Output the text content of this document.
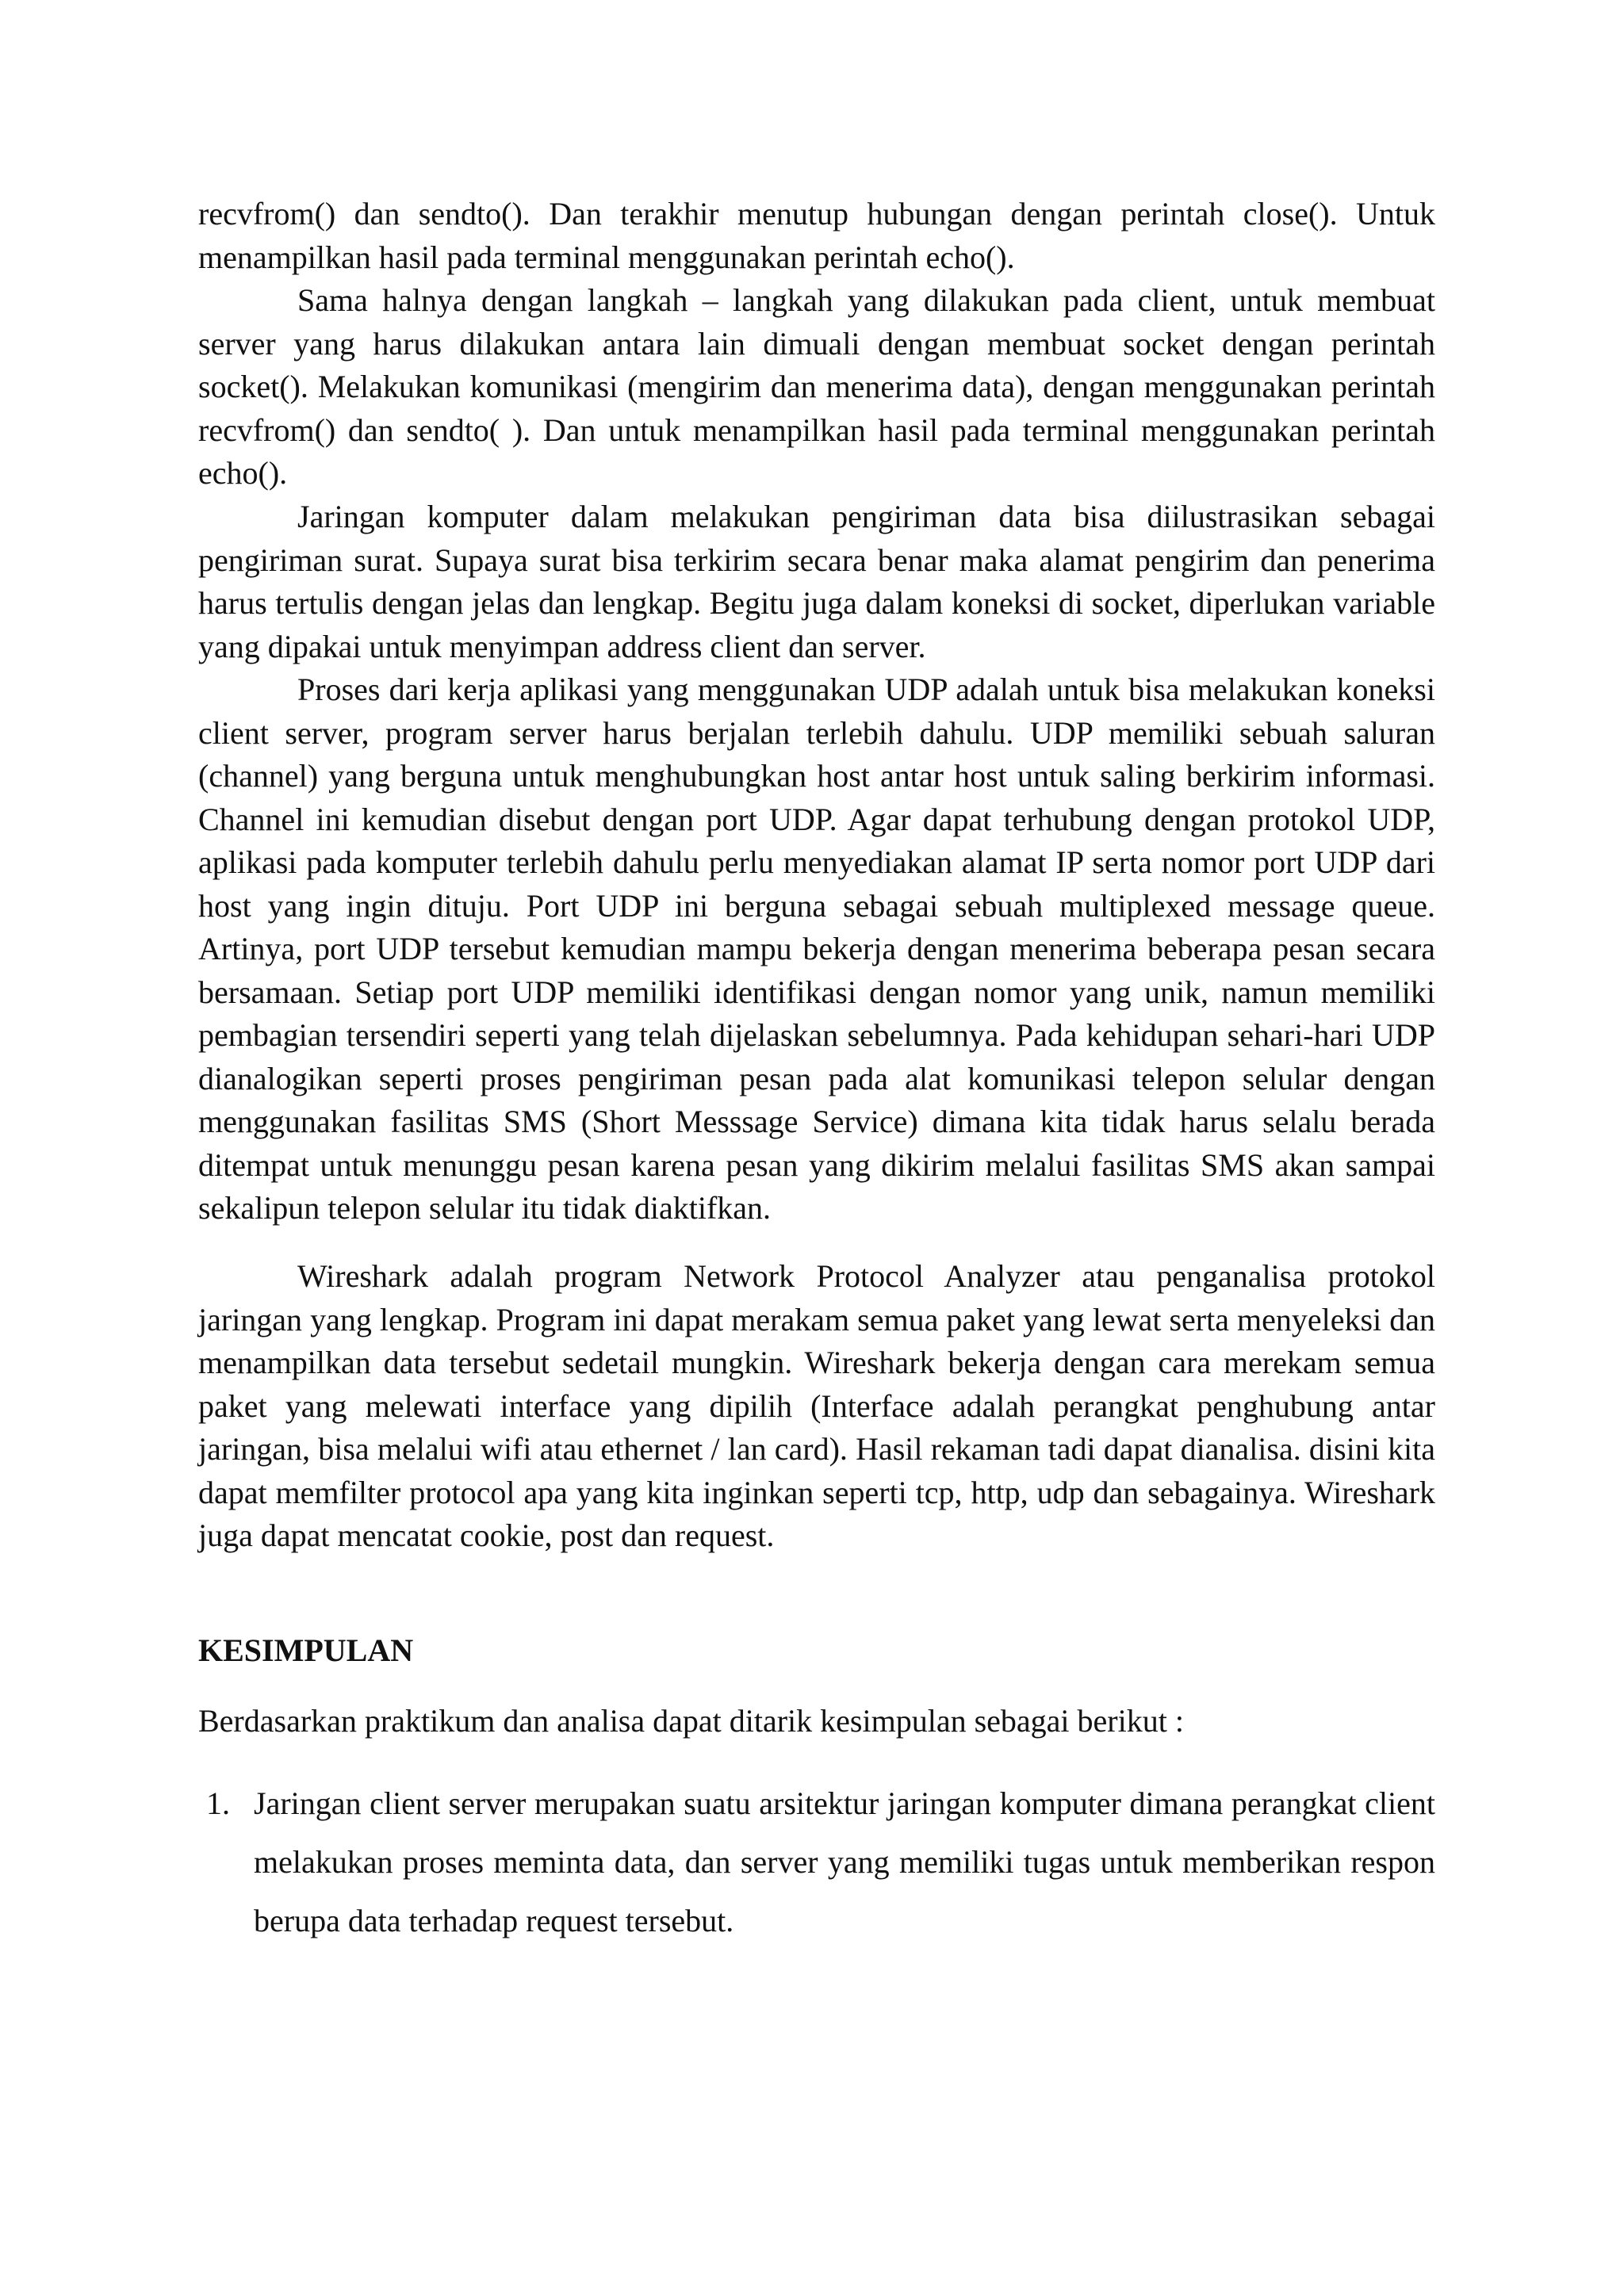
recvfrom() dan sendto(). Dan terakhir menutup hubungan dengan perintah close(). Untuk menampilkan hasil pada terminal menggunakan perintah echo().

Sama halnya dengan langkah – langkah yang dilakukan pada client, untuk membuat server yang harus dilakukan antara lain dimuali dengan membuat socket dengan perintah socket(). Melakukan komunikasi (mengirim dan menerima data), dengan menggunakan perintah recvfrom() dan sendto( ). Dan untuk menampilkan hasil pada terminal menggunakan perintah echo().

Jaringan komputer dalam melakukan pengiriman data bisa diilustrasikan sebagai pengiriman surat. Supaya surat bisa terkirim secara benar maka alamat pengirim dan penerima harus tertulis dengan jelas dan lengkap. Begitu juga dalam koneksi di socket, diperlukan variable yang dipakai untuk menyimpan address client dan server.

Proses dari kerja aplikasi yang menggunakan UDP adalah untuk bisa melakukan koneksi client server, program server harus berjalan terlebih dahulu. UDP memiliki sebuah saluran (channel) yang berguna untuk menghubungkan host antar host untuk saling berkirim informasi. Channel ini kemudian disebut dengan port UDP. Agar dapat terhubung dengan protokol UDP, aplikasi pada komputer terlebih dahulu perlu menyediakan alamat IP serta nomor port UDP dari host yang ingin dituju. Port UDP ini berguna sebagai sebuah multiplexed message queue. Artinya, port UDP tersebut kemudian mampu bekerja dengan menerima beberapa pesan secara bersamaan. Setiap port UDP memiliki identifikasi dengan nomor yang unik, namun memiliki pembagian tersendiri seperti yang telah dijelaskan sebelumnya. Pada kehidupan sehari-hari UDP dianalogikan seperti proses pengiriman pesan pada alat komunikasi telepon selular dengan menggunakan fasilitas SMS (Short Messsage Service) dimana kita tidak harus selalu berada ditempat untuk menunggu pesan karena pesan yang dikirim melalui fasilitas SMS akan sampai sekalipun telepon selular itu tidak diaktifkan.

Wireshark adalah program Network Protocol Analyzer atau penganalisa protokol jaringan yang lengkap. Program ini dapat merakam semua paket yang lewat serta menyeleksi dan menampilkan data tersebut sedetail mungkin. Wireshark bekerja dengan cara merekam semua paket yang melewati interface yang dipilih (Interface adalah perangkat penghubung antar jaringan, bisa melalui wifi atau ethernet / lan card). Hasil rekaman tadi dapat dianalisa. disini kita dapat memfilter protocol apa yang kita inginkan seperti tcp, http, udp dan sebagainya. Wireshark juga dapat mencatat cookie, post dan request.

KESIMPULAN

Berdasarkan praktikum dan analisa dapat ditarik kesimpulan sebagai berikut :

1. Jaringan client server merupakan suatu arsitektur jaringan komputer dimana perangkat client melakukan proses meminta data, dan server yang memiliki tugas untuk memberikan respon berupa data terhadap request tersebut.
